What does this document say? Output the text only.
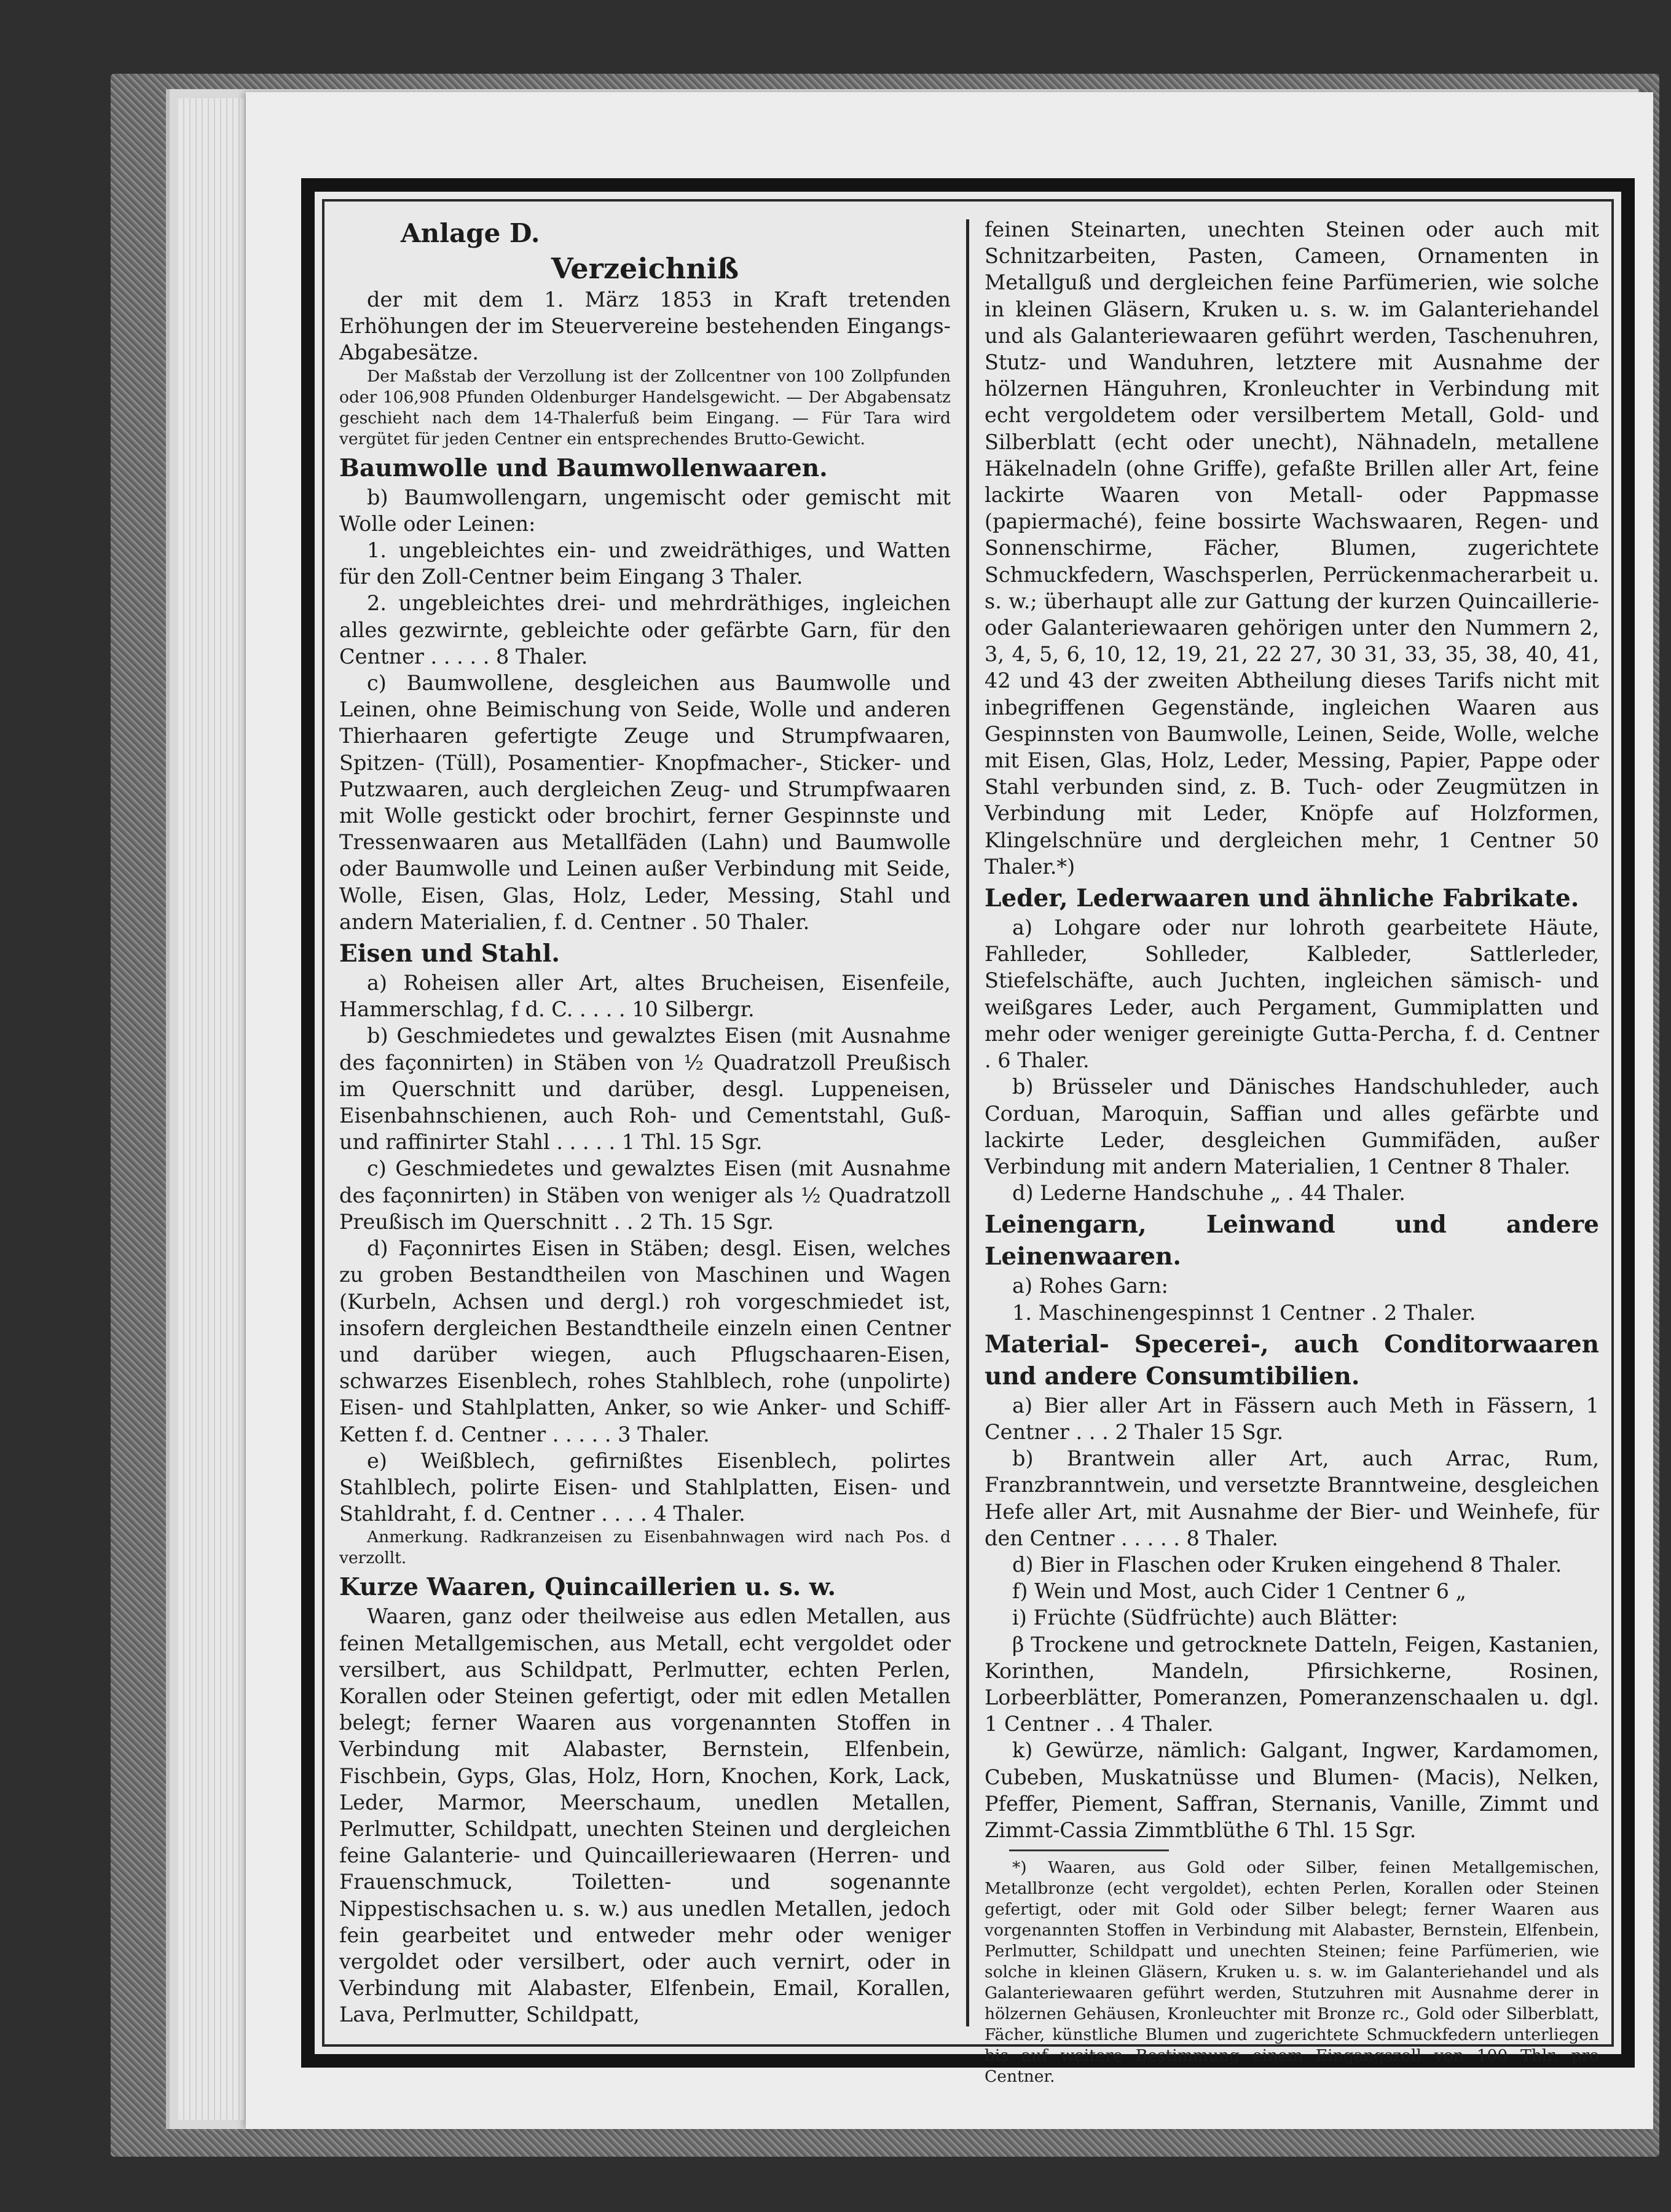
Anlage D.

Verzeichniß

der mit dem 1. März 1853 in Kraft tretenden Erhöhungen der im Steuervereine bestehenden Eingangs-Abgabesätze.

Der Maßstab der Verzollung ist der Zollcentner von 100 Zollpfunden oder 106,908 Pfunden Oldenburger Handelsgewicht. — Der Abgabensatz geschieht nach dem 14-Thalerfuß beim Eingang. — Für Tara wird vergütet für jeden Centner ein entsprechendes Brutto-Gewicht.

Baumwolle und Baumwollenwaaren.

b) Baumwollengarn, ungemischt oder gemischt mit Wolle oder Leinen:

1. ungebleichtes ein- und zweidräthiges, und Watten für den Zoll-Centner beim Eingang 3 Thaler.

2. ungebleichtes drei- und mehrdräthiges, ingleichen alles gezwirnte, gebleichte oder gefärbte Garn, für den Centner . . . . . 8 Thaler.

c) Baumwollene, desgleichen aus Baumwolle und Leinen, ohne Beimischung von Seide, Wolle und anderen Thierhaaren gefertigte Zeuge und Strumpfwaaren, Spitzen- (Tüll), Posamentier- Knopfmacher-, Sticker- und Putzwaaren, auch dergleichen Zeug- und Strumpfwaaren mit Wolle gestickt oder brochirt, ferner Gespinnste und Tressenwaaren aus Metallfäden (Lahn) und Baumwolle oder Baumwolle und Leinen außer Verbindung mit Seide, Wolle, Eisen, Glas, Holz, Leder, Messing, Stahl und andern Materialien, f. d. Centner . 50 Thaler.

Eisen und Stahl.

a) Roheisen aller Art, altes Brucheisen, Eisenfeile, Hammerschlag, f d. C. . . . . 10 Silbergr.

b) Geschmiedetes und gewalztes Eisen (mit Ausnahme des façonnirten) in Stäben von ½ Quadratzoll Preußisch im Querschnitt und darüber, desgl. Luppeneisen, Eisenbahnschienen, auch Roh- und Cementstahl, Guß- und raffinirter Stahl . . . . . 1 Thl. 15 Sgr.

c) Geschmiedetes und gewalztes Eisen (mit Ausnahme des façonnirten) in Stäben von weniger als ½ Quadratzoll Preußisch im Querschnitt . . 2 Th. 15 Sgr.

d) Façonnirtes Eisen in Stäben; desgl. Eisen, welches zu groben Bestandtheilen von Maschinen und Wagen (Kurbeln, Achsen und dergl.) roh vorgeschmiedet ist, insofern dergleichen Bestandtheile einzeln einen Centner und darüber wiegen, auch Pflugschaaren-Eisen, schwarzes Eisenblech, rohes Stahlblech, rohe (unpolirte) Eisen- und Stahlplatten, Anker, so wie Anker- und Schiff-Ketten f. d. Centner . . . . . 3 Thaler.

e) Weißblech, gefirnißtes Eisenblech, polirtes Stahlblech, polirte Eisen- und Stahlplatten, Eisen- und Stahldraht, f. d. Centner . . . . 4 Thaler.

Anmerkung. Radkranzeisen zu Eisenbahnwagen wird nach Pos. d verzollt.

Kurze Waaren, Quincaillerien u. s. w.

Waaren, ganz oder theilweise aus edlen Metallen, aus feinen Metallgemischen, aus Metall, echt vergoldet oder versilbert, aus Schildpatt, Perlmutter, echten Perlen, Korallen oder Steinen gefertigt, oder mit edlen Metallen belegt; ferner Waaren aus vorgenannten Stoffen in Verbindung mit Alabaster, Bernstein, Elfenbein, Fischbein, Gyps, Glas, Holz, Horn, Knochen, Kork, Lack, Leder, Marmor, Meerschaum, unedlen Metallen, Perlmutter, Schildpatt, unechten Steinen und dergleichen feine Galanterie- und Quincailleriewaaren (Herren- und Frauenschmuck, Toiletten- und sogenannte Nippestischsachen u. s. w.) aus unedlen Metallen, jedoch fein gearbeitet und entweder mehr oder weniger vergoldet oder versilbert, oder auch vernirt, oder in Verbindung mit Alabaster, Elfenbein, Email, Korallen, Lava, Perlmutter, Schildpatt,

feinen Steinarten, unechten Steinen oder auch mit Schnitzarbeiten, Pasten, Cameen, Ornamenten in Metallguß und dergleichen feine Parfümerien, wie solche in kleinen Gläsern, Kruken u. s. w. im Galanteriehandel und als Galanteriewaaren geführt werden, Taschenuhren, Stutz- und Wanduhren, letztere mit Ausnahme der hölzernen Hänguhren, Kronleuchter in Verbindung mit echt vergoldetem oder versilbertem Metall, Gold- und Silberblatt (echt oder unecht), Nähnadeln, metallene Häkelnadeln (ohne Griffe), gefaßte Brillen aller Art, feine lackirte Waaren von Metall- oder Pappmasse (papiermaché), feine bossirte Wachswaaren, Regen- und Sonnenschirme, Fächer, Blumen, zugerichtete Schmuckfedern, Waschsperlen, Perrückenmacherarbeit u. s. w.; überhaupt alle zur Gattung der kurzen Quincaillerie- oder Galanteriewaaren gehörigen unter den Nummern 2, 3, 4, 5, 6, 10, 12, 19, 21, 22 27, 30 31, 33, 35, 38, 40, 41, 42 und 43 der zweiten Abtheilung dieses Tarifs nicht mit inbegriffenen Gegenstände, ingleichen Waaren aus Gespinnsten von Baumwolle, Leinen, Seide, Wolle, welche mit Eisen, Glas, Holz, Leder, Messing, Papier, Pappe oder Stahl verbunden sind, z. B. Tuch- oder Zeugmützen in Verbindung mit Leder, Knöpfe auf Holzformen, Klingelschnüre und dergleichen mehr, 1 Centner 50 Thaler.*)

Leder, Lederwaaren und ähnliche Fabrikate.

a) Lohgare oder nur lohroth gearbeitete Häute, Fahlleder, Sohlleder, Kalbleder, Sattlerleder, Stiefelschäfte, auch Juchten, ingleichen sämisch- und weißgares Leder, auch Pergament, Gummiplatten und mehr oder weniger gereinigte Gutta-Percha, f. d. Centner . 6 Thaler.

b) Brüsseler und Dänisches Handschuhleder, auch Corduan, Maroquin, Saffian und alles gefärbte und lackirte Leder, desgleichen Gummifäden, außer Verbindung mit andern Materialien, 1 Centner 8 Thaler.

d) Lederne Handschuhe „ . 44 Thaler.

Leinengarn, Leinwand und andere Leinenwaaren.

a) Rohes Garn:

1. Maschinengespinnst 1 Centner . 2 Thaler.

Material- Specerei-, auch Conditorwaaren und andere Consumtibilien.

a) Bier aller Art in Fässern auch Meth in Fässern, 1 Centner . . . 2 Thaler 15 Sgr.

b) Brantwein aller Art, auch Arrac, Rum, Franzbranntwein, und versetzte Branntweine, desgleichen Hefe aller Art, mit Ausnahme der Bier- und Weinhefe, für den Centner . . . . . 8 Thaler.

d) Bier in Flaschen oder Kruken eingehend 8 Thaler.

f) Wein und Most, auch Cider 1 Centner 6 „

i) Früchte (Südfrüchte) auch Blätter:

β Trockene und getrocknete Datteln, Feigen, Kastanien, Korinthen, Mandeln, Pfirsichkerne, Rosinen, Lorbeerblätter, Pomeranzen, Pomeranzenschaalen u. dgl. 1 Centner . . 4 Thaler.

k) Gewürze, nämlich: Galgant, Ingwer, Kardamomen, Cubeben, Muskatnüsse und Blumen- (Macis), Nelken, Pfeffer, Piement, Saffran, Sternanis, Vanille, Zimmt und Zimmt-Cassia Zimmtblüthe 6 Thl. 15 Sgr.

*) Waaren, aus Gold oder Silber, feinen Metallgemischen, Metallbronze (echt vergoldet), echten Perlen, Korallen oder Steinen gefertigt, oder mit Gold oder Silber belegt; ferner Waaren aus vorgenannten Stoffen in Verbindung mit Alabaster, Bernstein, Elfenbein, Perlmutter, Schildpatt und unechten Steinen; feine Parfümerien, wie solche in kleinen Gläsern, Kruken u. s. w. im Galanteriehandel und als Galanteriewaaren geführt werden, Stutzuhren mit Ausnahme derer in hölzernen Gehäusen, Kronleuchter mit Bronze rc., Gold oder Silberblatt, Fächer, künstliche Blumen und zugerichtete Schmuckfedern unterliegen bis auf weitere Bestimmung einem Eingangszoll von 100 Thlr. pro Centner.
